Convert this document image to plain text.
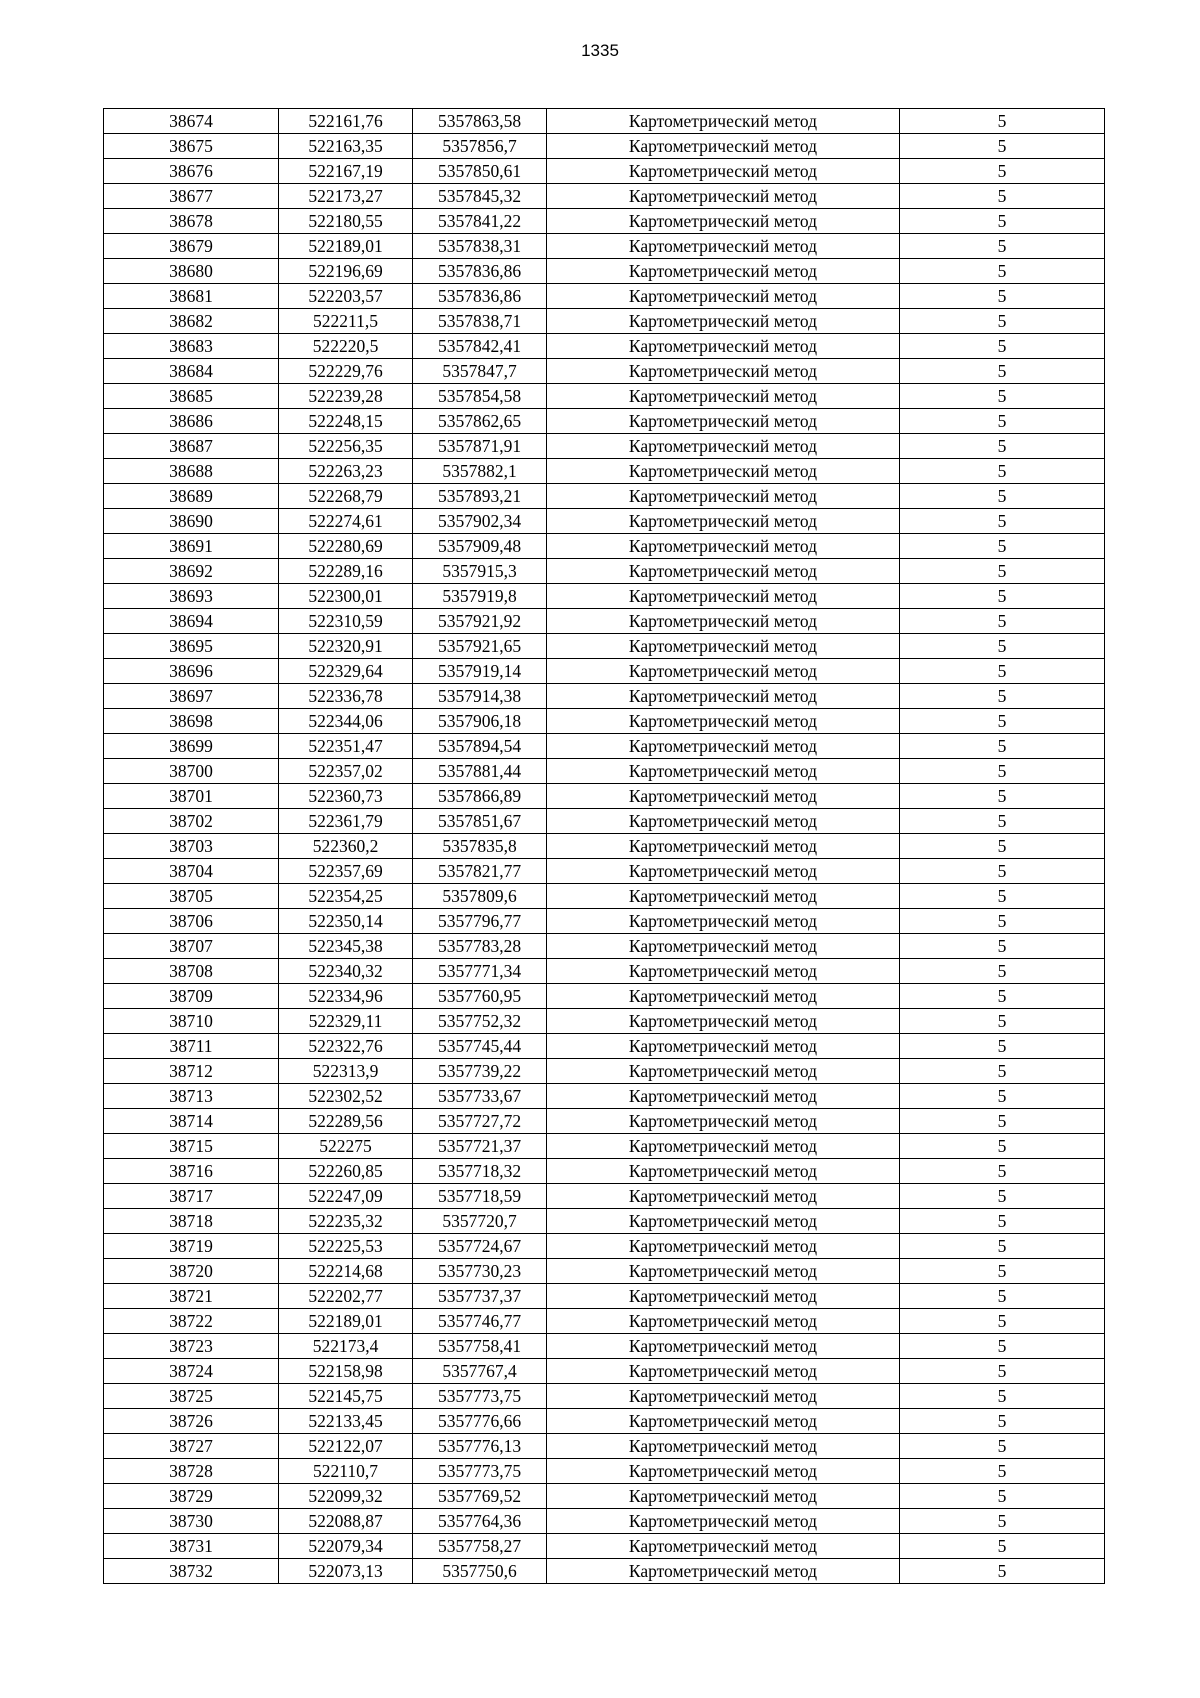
1335
38674	522161,76	5357863,58	Картометрический метод	5
38675	522163,35	5357856,7	Картометрический метод	5
38676	522167,19	5357850,61	Картометрический метод	5
38677	522173,27	5357845,32	Картометрический метод	5
38678	522180,55	5357841,22	Картометрический метод	5
38679	522189,01	5357838,31	Картометрический метод	5
38680	522196,69	5357836,86	Картометрический метод	5
38681	522203,57	5357836,86	Картометрический метод	5
38682	522211,5	5357838,71	Картометрический метод	5
38683	522220,5	5357842,41	Картометрический метод	5
38684	522229,76	5357847,7	Картометрический метод	5
38685	522239,28	5357854,58	Картометрический метод	5
38686	522248,15	5357862,65	Картометрический метод	5
38687	522256,35	5357871,91	Картометрический метод	5
38688	522263,23	5357882,1	Картометрический метод	5
38689	522268,79	5357893,21	Картометрический метод	5
38690	522274,61	5357902,34	Картометрический метод	5
38691	522280,69	5357909,48	Картометрический метод	5
38692	522289,16	5357915,3	Картометрический метод	5
38693	522300,01	5357919,8	Картометрический метод	5
38694	522310,59	5357921,92	Картометрический метод	5
38695	522320,91	5357921,65	Картометрический метод	5
38696	522329,64	5357919,14	Картометрический метод	5
38697	522336,78	5357914,38	Картометрический метод	5
38698	522344,06	5357906,18	Картометрический метод	5
38699	522351,47	5357894,54	Картометрический метод	5
38700	522357,02	5357881,44	Картометрический метод	5
38701	522360,73	5357866,89	Картометрический метод	5
38702	522361,79	5357851,67	Картометрический метод	5
38703	522360,2	5357835,8	Картометрический метод	5
38704	522357,69	5357821,77	Картометрический метод	5
38705	522354,25	5357809,6	Картометрический метод	5
38706	522350,14	5357796,77	Картометрический метод	5
38707	522345,38	5357783,28	Картометрический метод	5
38708	522340,32	5357771,34	Картометрический метод	5
38709	522334,96	5357760,95	Картометрический метод	5
38710	522329,11	5357752,32	Картометрический метод	5
38711	522322,76	5357745,44	Картометрический метод	5
38712	522313,9	5357739,22	Картометрический метод	5
38713	522302,52	5357733,67	Картометрический метод	5
38714	522289,56	5357727,72	Картометрический метод	5
38715	522275	5357721,37	Картометрический метод	5
38716	522260,85	5357718,32	Картометрический метод	5
38717	522247,09	5357718,59	Картометрический метод	5
38718	522235,32	5357720,7	Картометрический метод	5
38719	522225,53	5357724,67	Картометрический метод	5
38720	522214,68	5357730,23	Картометрический метод	5
38721	522202,77	5357737,37	Картометрический метод	5
38722	522189,01	5357746,77	Картометрический метод	5
38723	522173,4	5357758,41	Картометрический метод	5
38724	522158,98	5357767,4	Картометрический метод	5
38725	522145,75	5357773,75	Картометрический метод	5
38726	522133,45	5357776,66	Картометрический метод	5
38727	522122,07	5357776,13	Картометрический метод	5
38728	522110,7	5357773,75	Картометрический метод	5
38729	522099,32	5357769,52	Картометрический метод	5
38730	522088,87	5357764,36	Картометрический метод	5
38731	522079,34	5357758,27	Картометрический метод	5
38732	522073,13	5357750,6	Картометрический метод	5
